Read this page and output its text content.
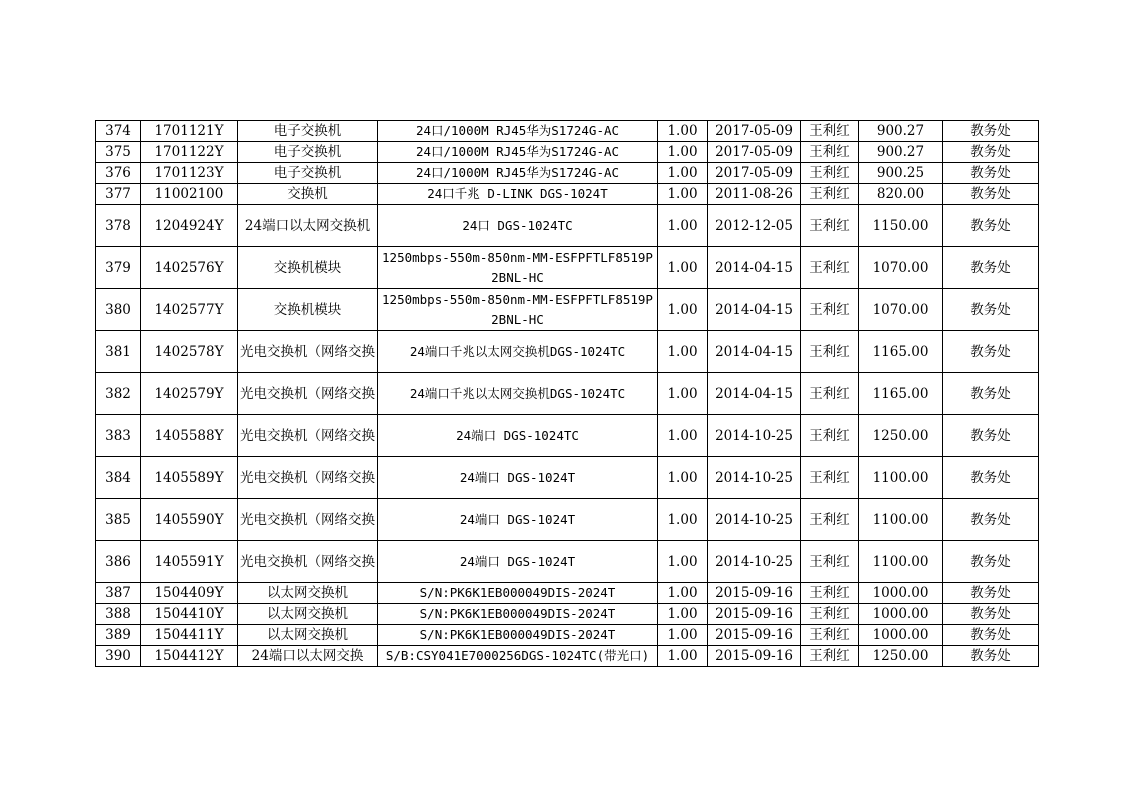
374	1701121Y	电子交换机	24口/1000M RJ45华为S1724G-AC	1.00	2017-05-09	王利红	900.27	教务处
375	1701122Y	电子交换机	24口/1000M RJ45华为S1724G-AC	1.00	2017-05-09	王利红	900.27	教务处
376	1701123Y	电子交换机	24口/1000M RJ45华为S1724G-AC	1.00	2017-05-09	王利红	900.25	教务处
377	11002100	交换机	24口千兆 D-LINK DGS-1024T	1.00	2011-08-26	王利红	820.00	教务处
378	1204924Y	24端口以太网交换机	24口 DGS-1024TC	1.00	2012-12-05	王利红	1150.00	教务处
379	1402576Y	交换机模块	1250mbps-550m-850nm-MM-ESFPFTLF8519P2BNL-HC	1.00	2014-04-15	王利红	1070.00	教务处
380	1402577Y	交换机模块	1250mbps-550m-850nm-MM-ESFPFTLF8519P2BNL-HC	1.00	2014-04-15	王利红	1070.00	教务处
381	1402578Y	光电交换机（网络交换	24端口千兆以太网交换机DGS-1024TC	1.00	2014-04-15	王利红	1165.00	教务处
382	1402579Y	光电交换机（网络交换	24端口千兆以太网交换机DGS-1024TC	1.00	2014-04-15	王利红	1165.00	教务处
383	1405588Y	光电交换机（网络交换	24端口 DGS-1024TC	1.00	2014-10-25	王利红	1250.00	教务处
384	1405589Y	光电交换机（网络交换	24端口 DGS-1024T	1.00	2014-10-25	王利红	1100.00	教务处
385	1405590Y	光电交换机（网络交换	24端口 DGS-1024T	1.00	2014-10-25	王利红	1100.00	教务处
386	1405591Y	光电交换机（网络交换	24端口 DGS-1024T	1.00	2014-10-25	王利红	1100.00	教务处
387	1504409Y	以太网交换机	S/N:PK6K1EB000049DIS-2024T	1.00	2015-09-16	王利红	1000.00	教务处
388	1504410Y	以太网交换机	S/N:PK6K1EB000049DIS-2024T	1.00	2015-09-16	王利红	1000.00	教务处
389	1504411Y	以太网交换机	S/N:PK6K1EB000049DIS-2024T	1.00	2015-09-16	王利红	1000.00	教务处
390	1504412Y	24端口以太网交换	S/B:CSY041E7000256DGS-1024TC(带光口)	1.00	2015-09-16	王利红	1250.00	教务处
